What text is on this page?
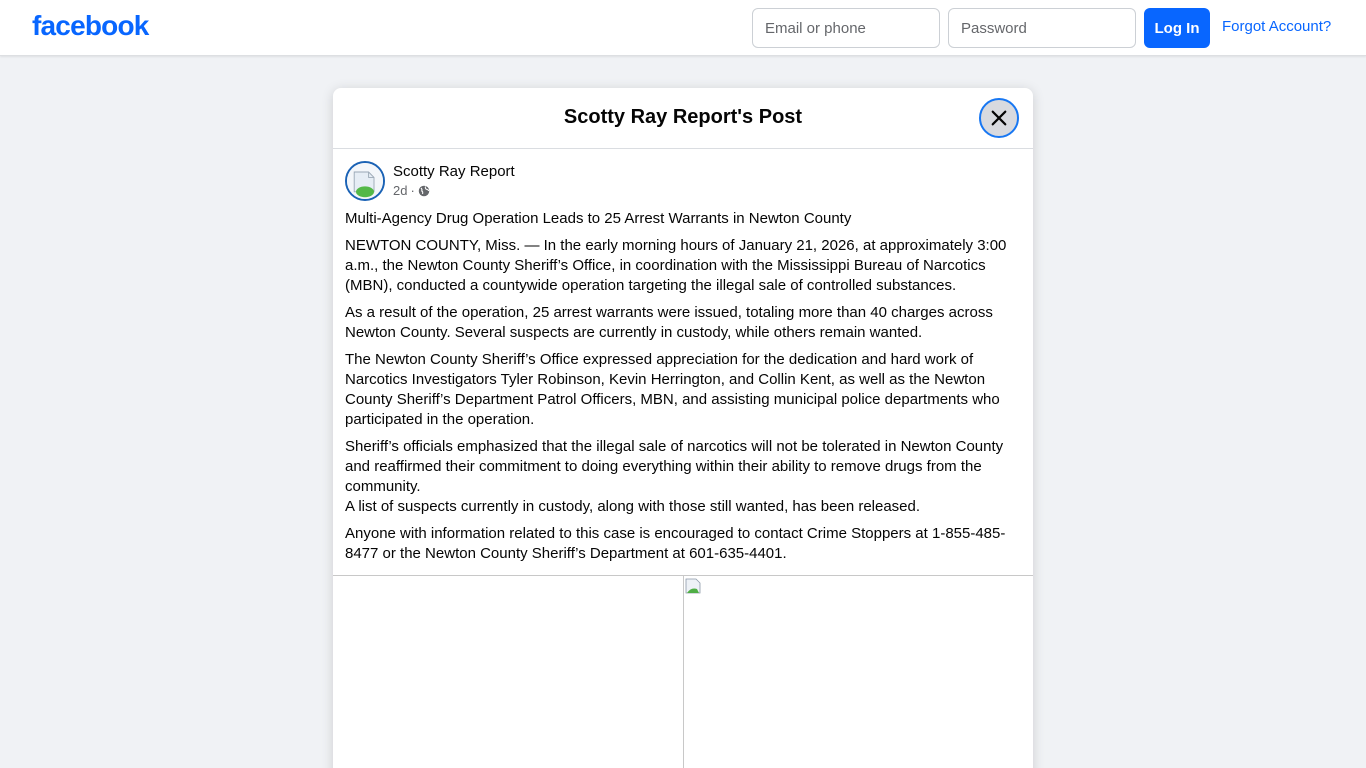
facebook
Email or phone	Log In	Forgot Account?
Scotty Ray Report's Post
Scotty Ray Report
2d ·

Multi-Agency Drug Operation Leads to 25 Arrest Warrants in Newton County

NEWTON COUNTY, Miss. — In the early morning hours of January 21, 2026, at approximately 3:00 a.m., the Newton County Sheriff’s Office, in coordination with the Mississippi Bureau of Narcotics (MBN), conducted a countywide operation targeting the illegal sale of controlled substances.

As a result of the operation, 25 arrest warrants were issued, totaling more than 40 charges across Newton County. Several suspects are currently in custody, while others remain wanted.

The Newton County Sheriff’s Office expressed appreciation for the dedication and hard work of Narcotics Investigators Tyler Robinson, Kevin Herrington, and Collin Kent, as well as the Newton County Sheriff’s Department Patrol Officers, MBN, and assisting municipal police departments who participated in the operation.

Sheriff’s officials emphasized that the illegal sale of narcotics will not be tolerated in Newton County and reaffirmed their commitment to doing everything within their ability to remove drugs from the community.

A list of suspects currently in custody, along with those still wanted, has been released.

Anyone with information related to this case is encouraged to contact Crime Stoppers at 1-855-485-8477 or the Newton County Sheriff’s Department at 601-635-4401.
